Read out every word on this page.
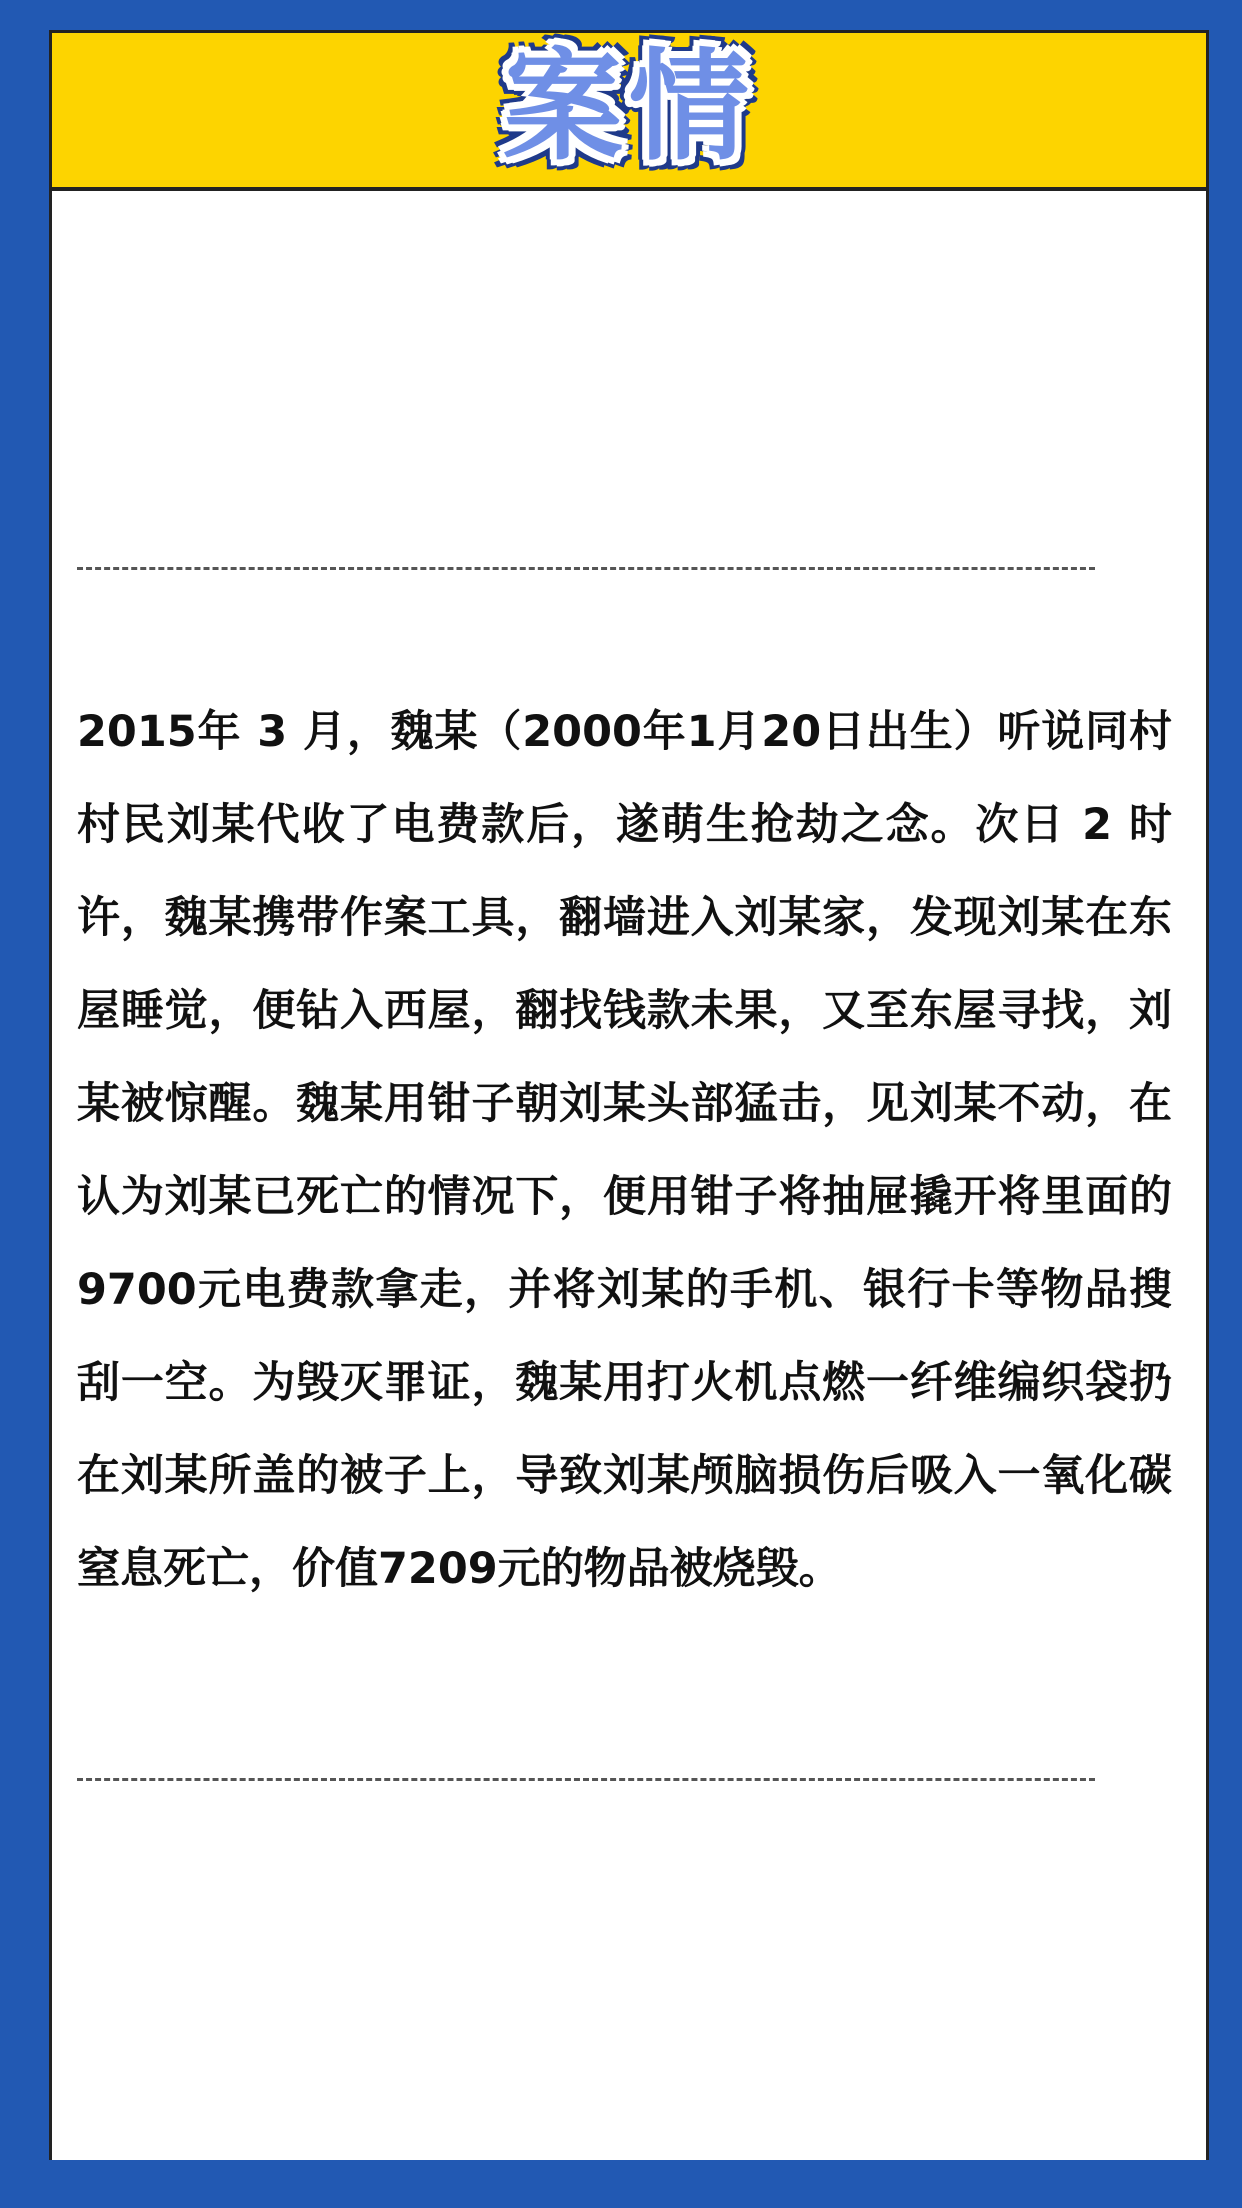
案情

2015年 3 月，魏某（2000年1月20日出生）听说同村村民刘某代收了电费款后，遂萌生抢劫之念。次日 2 时许，魏某携带作案工具，翻墙进入刘某家，发现刘某在东屋睡觉，便钻入西屋，翻找钱款未果，又至东屋寻找，刘某被惊醒。魏某用钳子朝刘某头部猛击，见刘某不动，在认为刘某已死亡的情况下，便用钳子将抽屉撬开将里面的9700元电费款拿走，并将刘某的手机、银行卡等物品搜刮一空。为毁灭罪证，魏某用打火机点燃一纤维编织袋扔在刘某所盖的被子上，导致刘某颅脑损伤后吸入一氧化碳窒息死亡，价值7209元的物品被烧毁。
